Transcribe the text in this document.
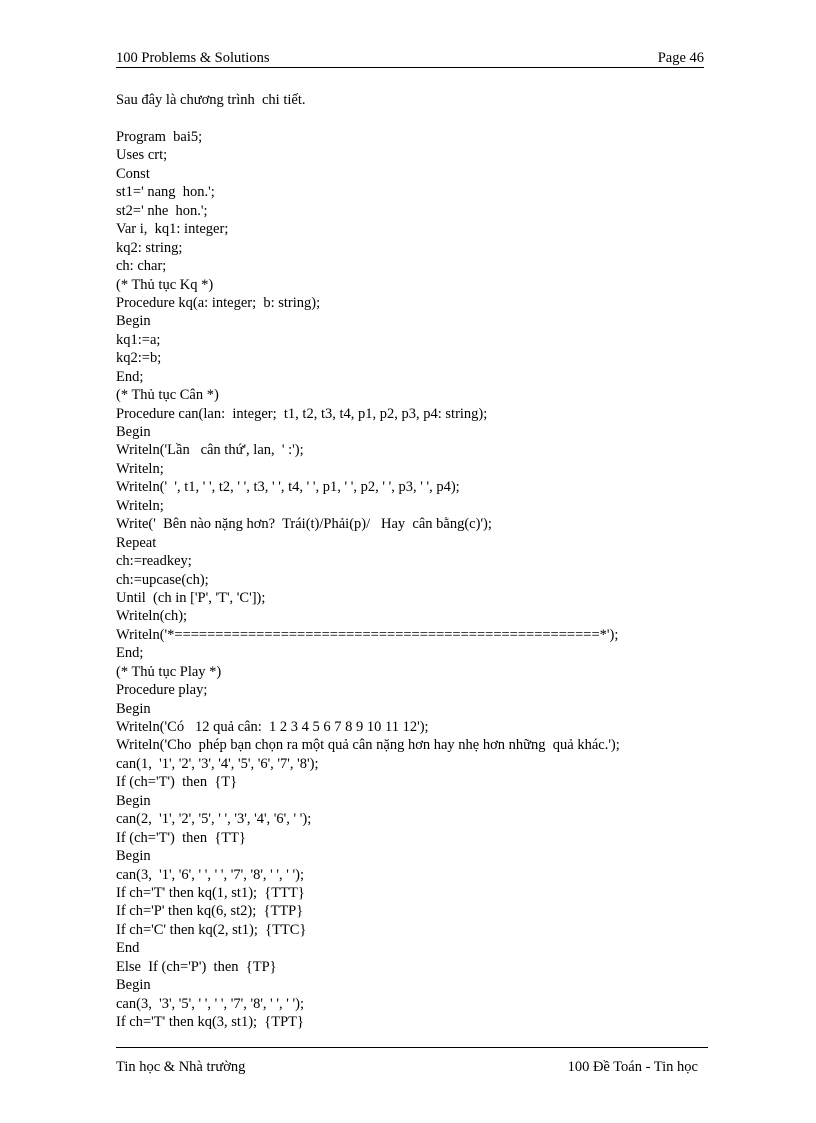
100 Problems & Solutions	Page 46
Sau đây là chương trình  chi tiết.
Program  bai5;
Uses crt;
Const
st1=' nang  hon.';
st2=' nhe  hon.';
Var i,  kq1: integer;
kq2: string;
ch: char;
(* Thủ tục Kq *)
Procedure kq(a: integer;  b: string);
Begin
kq1:=a;
kq2:=b;
End;
(* Thủ tục Cân *)
Procedure can(lan:  integer;  t1, t2, t3, t4, p1, p2, p3, p4: string);
Begin
Writeln('Lần   cân thứ', lan,  ' :');
Writeln;
Writeln('  ', t1, ' ', t2, ' ', t3, ' ', t4, ' ', p1, ' ', p2, ' ', p3, ' ', p4);
Writeln;
Write('  Bên nào nặng hơn?  Trái(t)/Phải(p)/   Hay  cân bằng(c)');
Repeat
ch:=readkey;
ch:=upcase(ch);
Until  (ch in ['P', 'T', 'C']);
Writeln(ch);
Writeln('*====================================================*');
End;
(* Thủ tục Play *)
Procedure play;
Begin
Writeln('Có   12 quả cân:  1 2 3 4 5 6 7 8 9 10 11 12');
Writeln('Cho  phép bạn chọn ra một quả cân nặng hơn hay nhẹ hơn những  quả khác.');
can(1,  '1', '2', '3', '4', '5', '6', '7', '8');
If (ch='T')  then  {T}
Begin
can(2,  '1', '2', '5', ' ', '3', '4', '6', ' ');
If (ch='T')  then  {TT}
Begin
can(3,  '1', '6', ' ', ' ', '7', '8', ' ', ' ');
If ch='T' then kq(1, st1);  {TTT}
If ch='P' then kq(6, st2);  {TTP}
If ch='C' then kq(2, st1);  {TTC}
End
Else  If (ch='P')  then  {TP}
Begin
can(3,  '3', '5', ' ', ' ', '7', '8', ' ', ' ');
If ch='T' then kq(3, st1);  {TPT}
Tin học & Nhà trường	100 Đề Toán - Tin học
